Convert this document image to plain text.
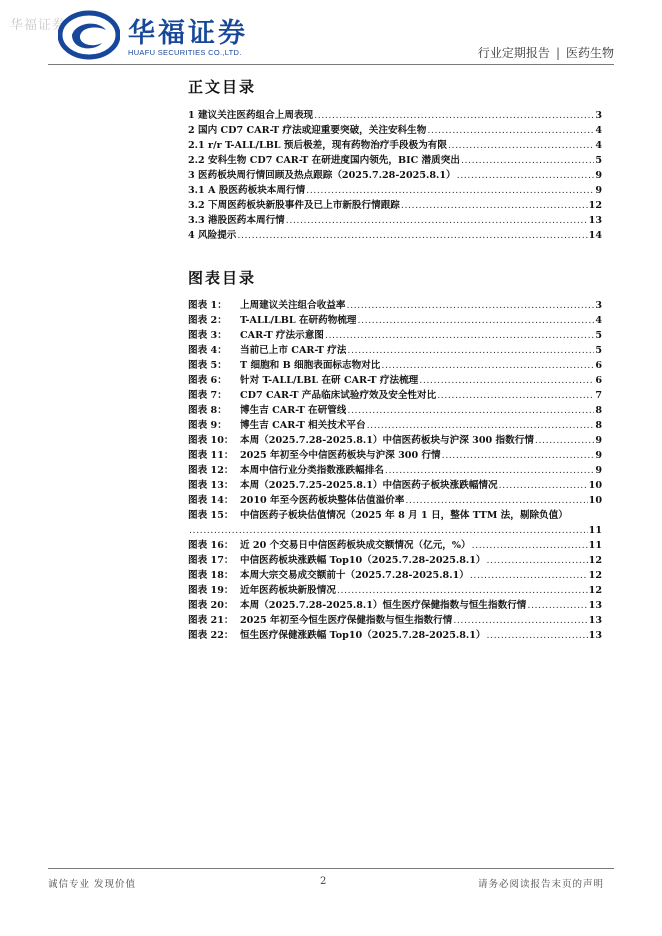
华福证券 华福证券
HUAFU SECURITIES CO.,LTD.	行业定期报告 | 医药生物
正文目录
1 建议关注医药组合上周表现 .....	3
2 国内 CD7 CAR-T 疗法或迎重要突破，关注安科生物 .....	4
2.1 r/r T-ALL/LBL 预后极差，现有药物治疗手段极为有限 .....	4
2.2 安科生物 CD7 CAR-T 在研进度国内领先，BIC 潜质突出 .....	5
3 医药板块周行情回顾及热点跟踪（2025.7.28-2025.8.1） .....	9
3.1 A 股医药板块本周行情 .....	9
3.2 下周医药板块新股事件及已上市新股行情跟踪 .....	12
3.3 港股医药本周行情 .....	13
4 风险提示 .....	14
图表目录
图表 1： 上周建议关注组合收益率 .....	3
图表 2： T-ALL/LBL 在研药物梳理 .....	4
图表 3： CAR-T 疗法示意图 .....	5
图表 4： 当前已上市 CAR-T 疗法 .....	5
图表 5： T 细胞和 B 细胞表面标志物对比 .....	6
图表 6： 针对 T-ALL/LBL 在研 CAR-T 疗法梳理 .....	6
图表 7： CD7 CAR-T 产品临床试验疗效及安全性对比 .....	7
图表 8： 博生吉 CAR-T 在研管线 .....	8
图表 9： 博生吉 CAR-T 相关技术平台 .....	8
图表 10： 本周（2025.7.28-2025.8.1）中信医药板块与沪深 300 指数行情 .....	9
图表 11： 2025 年初至今中信医药板块与沪深 300 行情 .....	9
图表 12： 本周中信行业分类指数涨跌幅排名 .....	9
图表 13： 本周（2025.7.25-2025.8.1）中信医药子板块涨跌幅情况 .....	10
图表 14： 2010 年至今医药板块整体估值溢价率 .....	10
图表 15： 中信医药子板块估值情况（2025 年 8 月 1 日，整体 TTM 法，剔除负值）
.....
11
图表 16： 近 20 个交易日中信医药板块成交额情况（亿元，%） .....	11
图表 17： 中信医药板块涨跌幅 Top10（2025.7.28-2025.8.1） .....	12
图表 18： 本周大宗交易成交额前十（2025.7.28-2025.8.1） .....	12
图表 19： 近年医药板块新股情况 .....	12
图表 20： 本周（2025.7.28-2025.8.1）恒生医疗保健指数与恒生指数行情 .....	13
图表 21： 2025 年初至今恒生医疗保健指数与恒生指数行情 .....	13
图表 22： 恒生医疗保健涨跌幅 Top10（2025.7.28-2025.8.1） .....	13
诚信专业 发现价值	2	请务必阅读报告末页的声明
